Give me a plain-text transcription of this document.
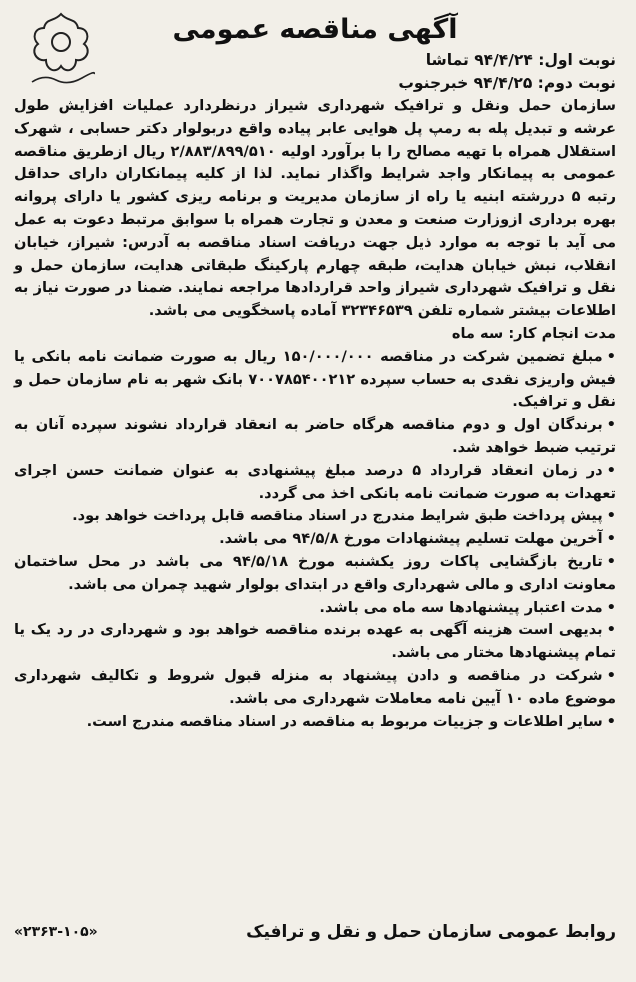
آگهی مناقصه عمومی
نوبت اول: ۹۴/۴/۲۴ تماشا
نوبت دوم: ۹۴/۴/۲۵ خبرجنوب
سازمان حمل ونقل و ترافیک شهرداری شیراز درنظردارد عملیات افزایش طول عرشه و تبدیل پله به رمپ پل هوایی عابر پیاده واقع دربولوار دکتر حسابی ، شهرک استقلال همراه با تهیه مصالح را با برآورد اولیه ۲/۸۸۳/۸۹۹/۵۱۰ ریال ازطریق مناقصه عمومی به پیمانکار واجد شرایط واگذار نماید. لذا از کلیه پیمانکاران دارای حداقل رتبه ۵ دررشته ابنیه یا راه از سازمان مدیریت و برنامه ریزی کشور یا دارای پروانه بهره برداری ازوزارت صنعت و معدن و تجارت همراه با سوابق مرتبط دعوت به عمل می آید با توجه به موارد ذیل جهت دریافت اسناد مناقصه به آدرس: شیراز، خیابان انقلاب، نبش خیابان هدایت، طبقه چهارم پارکینگ طبقاتی هدایت، سازمان حمل و نقل و ترافیک شهرداری شیراز واحد قراردادها مراجعه نمایند. ضمنا در صورت نیاز به اطلاعات بیشتر شماره تلفن ۳۲۳۴۶۵۳۹ آماده پاسخگویی می باشد.
مدت انجام کار: سه ماه
•مبلغ تضمین شرکت در مناقصه ۱۵۰/۰۰۰/۰۰۰ ریال به صورت ضمانت نامه بانکی یا فیش واریزی نقدی به حساب سپرده ۷۰۰۷۸۵۴۰۰۲۱۲ بانک شهر به نام سازمان حمل و نقل و ترافیک.
•برندگان اول و دوم مناقصه هرگاه حاضر به انعقاد قرارداد نشوند سپرده آنان به ترتیب ضبط خواهد شد.
•در زمان انعقاد قرارداد ۵ درصد مبلغ پیشنهادی به عنوان ضمانت حسن اجرای تعهدات به صورت ضمانت نامه بانکی اخذ می گردد.
•پیش پرداخت طبق شرایط مندرج در اسناد مناقصه قابل پرداخت خواهد بود.
•آخرین مهلت تسلیم پیشنهادات مورخ ۹۴/۵/۸ می باشد.
•تاریخ بازگشایی پاکات روز یکشنبه مورخ ۹۴/۵/۱۸ می باشد در محل ساختمان معاونت اداری و مالی شهرداری واقع در ابتدای بولوار شهید چمران می باشد.
•مدت اعتبار پیشنهادها سه ماه می باشد.
•بدیهی است هزینه آگهی به عهده برنده مناقصه خواهد بود و شهرداری در رد یک یا تمام پیشنهادها مختار می باشد.
•شرکت در مناقصه و دادن پیشنهاد به منزله قبول شروط و تکالیف شهرداری موضوع ماده ۱۰ آیین نامه معاملات شهرداری می باشد.
•سایر اطلاعات و جزییات مربوط به مناقصه در اسناد مناقصه مندرج است.
روابط عمومی سازمان حمل و نقل و ترافیک
«۲۳۶۳-۱۰۵»
